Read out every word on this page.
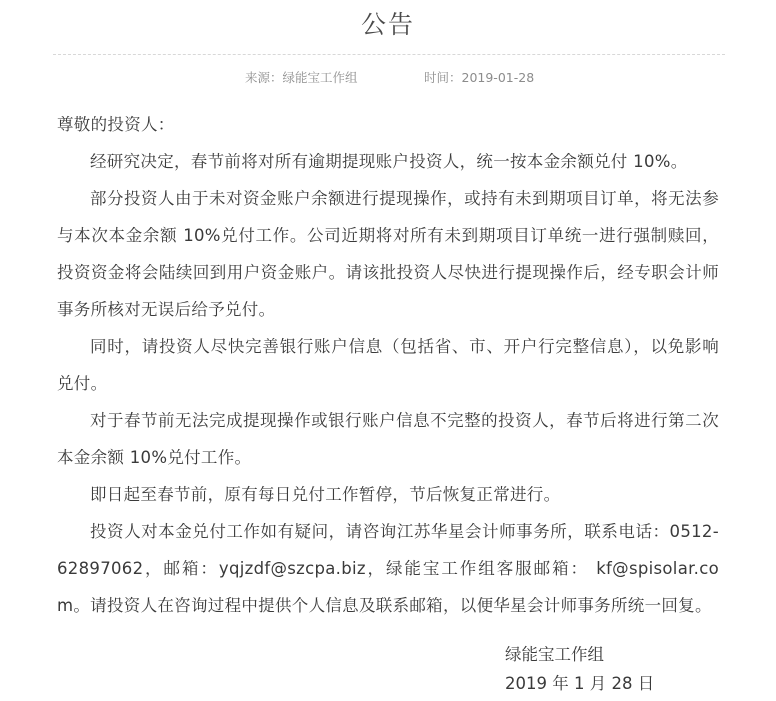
公告
来源：绿能宝工作组	时间：2019-01-28

尊敬的投资人：

经研究决定，春节前将对所有逾期提现账户投资人，统一按本金余额兑付 10%。

部分投资人由于未对资金账户余额进行提现操作，或持有未到期项目订单，将无法参与本次本金余额 10%兑付工作。公司近期将对所有未到期项目订单统一进行强制赎回，投资资金将会陆续回到用户资金账户。请该批投资人尽快进行提现操作后，经专职会计师事务所核对无误后给予兑付。

同时，请投资人尽快完善银行账户信息（包括省、市、开户行完整信息），以免影响兑付。

对于春节前无法完成提现操作或银行账户信息不完整的投资人，春节后将进行第二次本金余额 10%兑付工作。

即日起至春节前，原有每日兑付工作暂停，节后恢复正常进行。

投资人对本金兑付工作如有疑问，请咨询江苏华星会计师事务所，联系电话：0512-62897062，邮箱：yqjzdf@szcpa.biz，绿能宝工作组客服邮箱： kf@spisolar.com。请投资人在咨询过程中提供个人信息及联系邮箱，以便华星会计师事务所统一回复。

绿能宝工作组
2019 年 1 月 28 日
